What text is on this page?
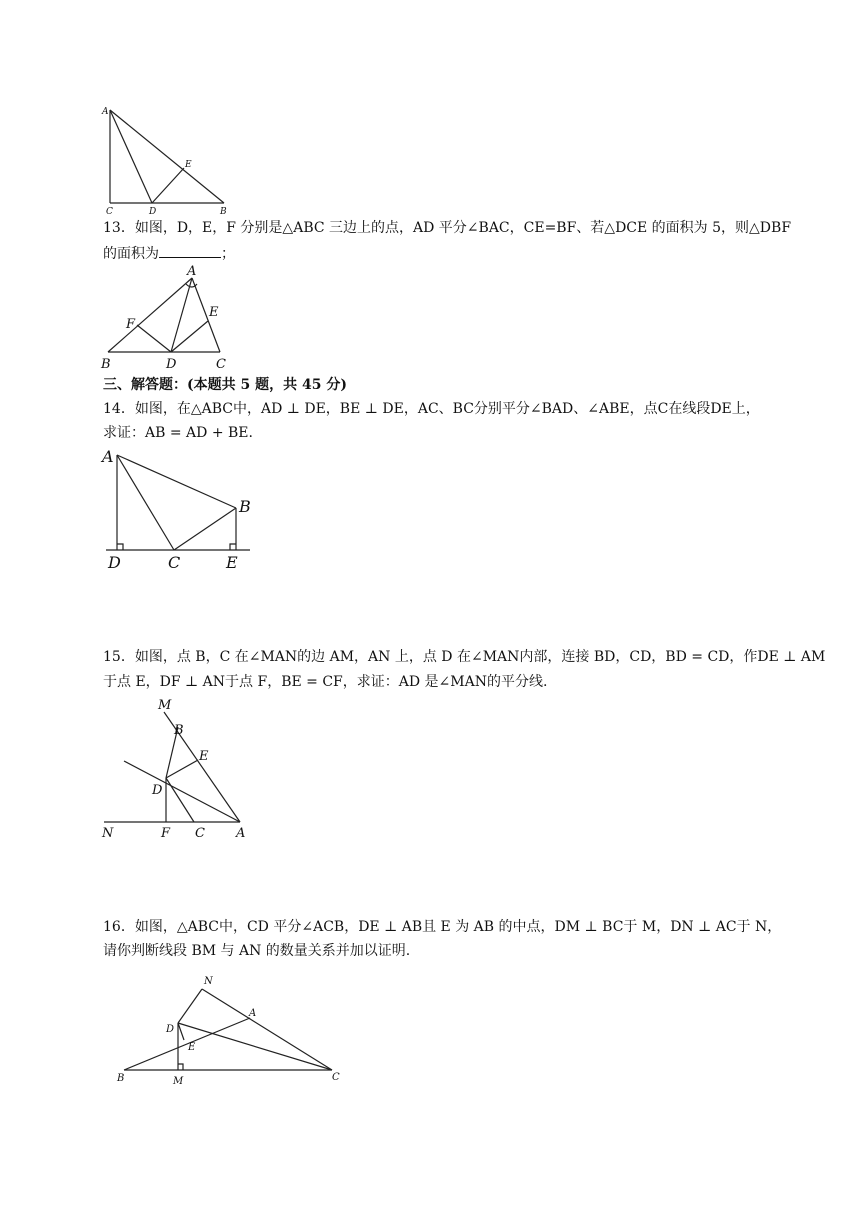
A
E
C	D	B
13．如图，D，E，F 分别是△ABC 三边上的点，AD 平分∠BAC，CE=BF、若△DCE 的面积为 5，则△DBF
的面积为	；
A
F
E
B	D	C
三、解答题：(本题共 5 题，共 45 分)
14．如图，在△ABC中，AD ⊥ DE，BE ⊥ DE，AC、BC分别平分∠BAD、∠ABE，点C在线段DE上，
求证：AB = AD + BE.
A
B
D	C	E
15．如图，点 B，C 在∠MAN的边 AM，AN 上，点 D 在∠MAN内部，连接 BD，CD，BD = CD，作DE ⊥ AM
于点 E，DF ⊥ AN于点 F，BE = CF，求证：AD 是∠MAN的平分线.
M
B
E
D
N	F C A
16．如图，△ABC中，CD 平分∠ACB，DE ⊥ AB且 E 为 AB 的中点，DM ⊥ BC于 M，DN ⊥ AC于 N，
请你判断线段 BM 与 AN 的数量关系并加以证明.
N
A
D
E
B	M	C
